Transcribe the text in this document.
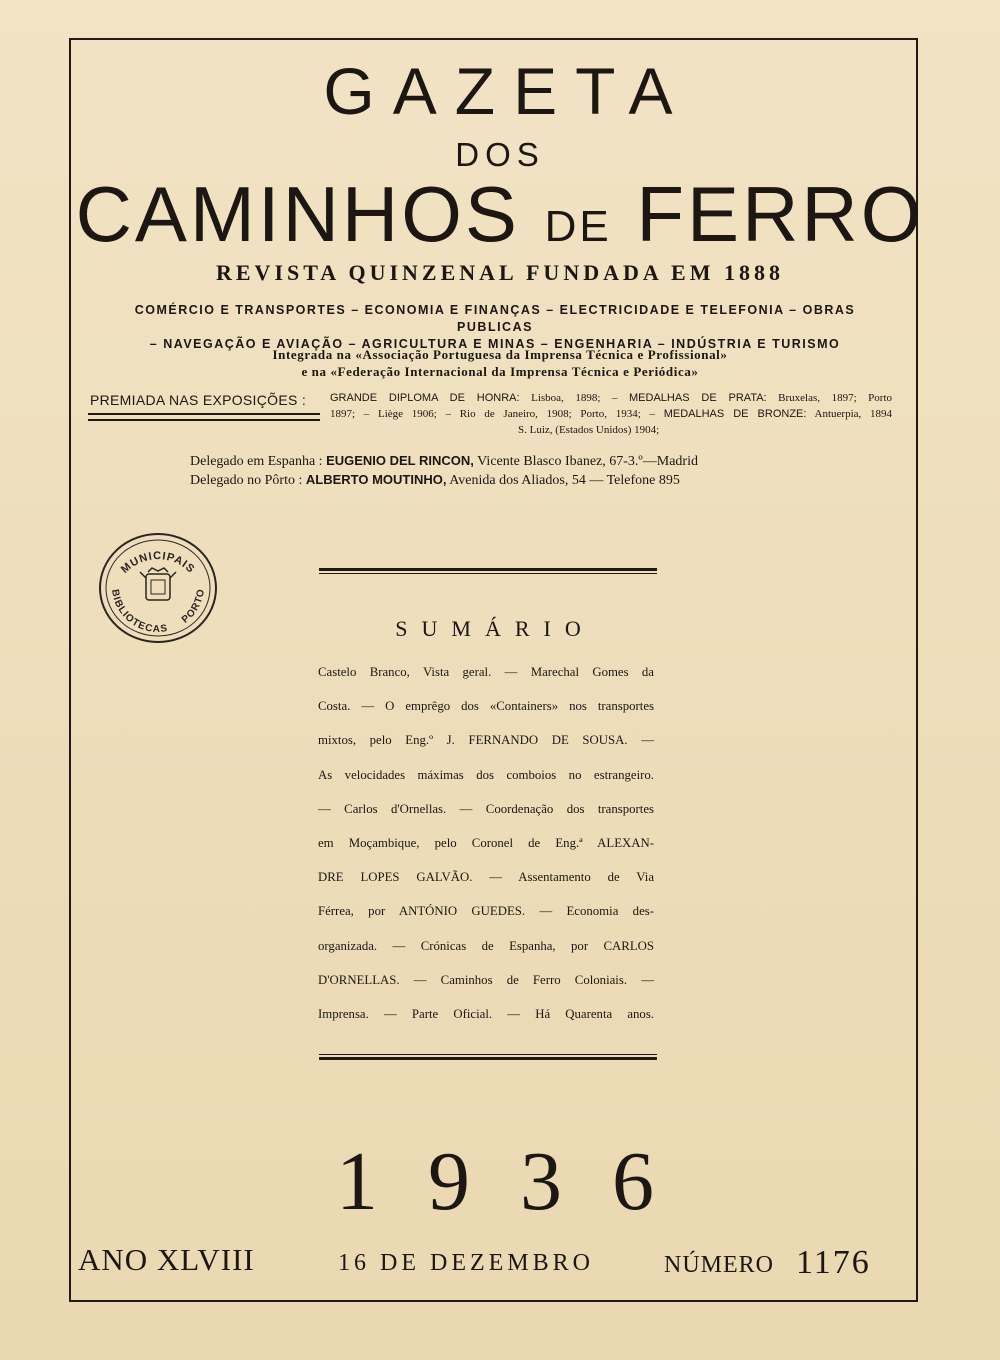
GAZETA
DOS
CAMINHOS DE FERRO
REVISTA QUINZENAL FUNDADA EM 1888
COMÉRCIO E TRANSPORTES – ECONOMIA E FINANÇAS – ELECTRICIDADE E TELEFONIA – OBRAS PUBLICAS
– NAVEGAÇÃO E AVIAÇÃO – AGRICULTURA E MINAS – ENGENHARIA – INDÚSTRIA E TURISMO
Integrada na «Associação Portuguesa da Imprensa Técnica e Profissional»
e na «Federação Internacional da Imprensa Técnica e Periódica»
PREMIADA NAS EXPOSIÇÕES : GRANDE DIPLOMA DE HONRA: Lisboa, 1898; – MEDALHAS DE PRATA: Bruxelas, 1897; Porto
1897; – Liège 1906; – Rio de Janeiro, 1908; Porto, 1934; – MEDALHAS DE BRONZE: Antuerpia, 1894
S. Luiz, (Estados Unidos) 1904;
Delegado em Espanha : EUGENIO DEL RINCON, Vicente Blasco Ibanez, 67-3.º—Madrid
Delegado no Pôrto : ALBERTO MOUTINHO, Avenida dos Aliados, 54 — Telefone 895
MUNICIPAIS
BIBLIOTECAS
PORTO
SUMÁRIO
Castelo Branco, Vista geral. — Marechal Gomes da
Costa. — O emprêgo dos «Containers» nos transportes
mixtos, pelo Eng.º J. FERNANDO DE SOUSA. —
As velocidades máximas dos comboios no estrangeiro.
— Carlos d'Ornellas. — Coordenação dos transportes
em Moçambique, pelo Coronel de Eng.ª ALEXAN-
DRE LOPES GALVÃO. — Assentamento de Via
Férrea, por ANTÓNIO GUEDES. — Economia des-
organizada. — Crónicas de Espanha, por CARLOS
D'ORNELLAS. — Caminhos de Ferro Coloniais. —
Imprensa. — Parte Oficial. — Há Quarenta anos.
1936
ANO XLVIII	16 DE DEZEMBRO	NÚMERO 1176
